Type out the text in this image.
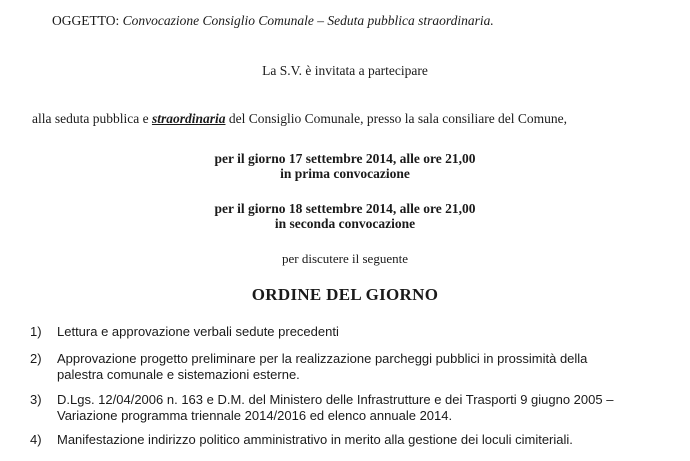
OGGETTO: Convocazione Consiglio Comunale – Seduta pubblica straordinaria.
La S.V. è invitata a partecipare
alla seduta pubblica e straordinaria del Consiglio Comunale, presso la sala consiliare del Comune,
per il giorno 17 settembre 2014, alle ore 21,00
in prima convocazione
per il giorno 18 settembre 2014, alle ore 21,00
in seconda convocazione
per discutere il seguente
ORDINE DEL GIORNO
1) Lettura e approvazione verbali sedute precedenti
2) Approvazione progetto preliminare per la realizzazione parcheggi pubblici in prossimità della
palestra comunale e sistemazioni esterne.
3) D.Lgs. 12/04/2006 n. 163 e D.M. del Ministero delle Infrastrutture e dei Trasporti 9 giugno 2005 –
Variazione programma triennale 2014/2016 ed elenco annuale 2014.
4) Manifestazione indirizzo politico amministrativo in merito alla gestione dei loculi cimiteriali.
